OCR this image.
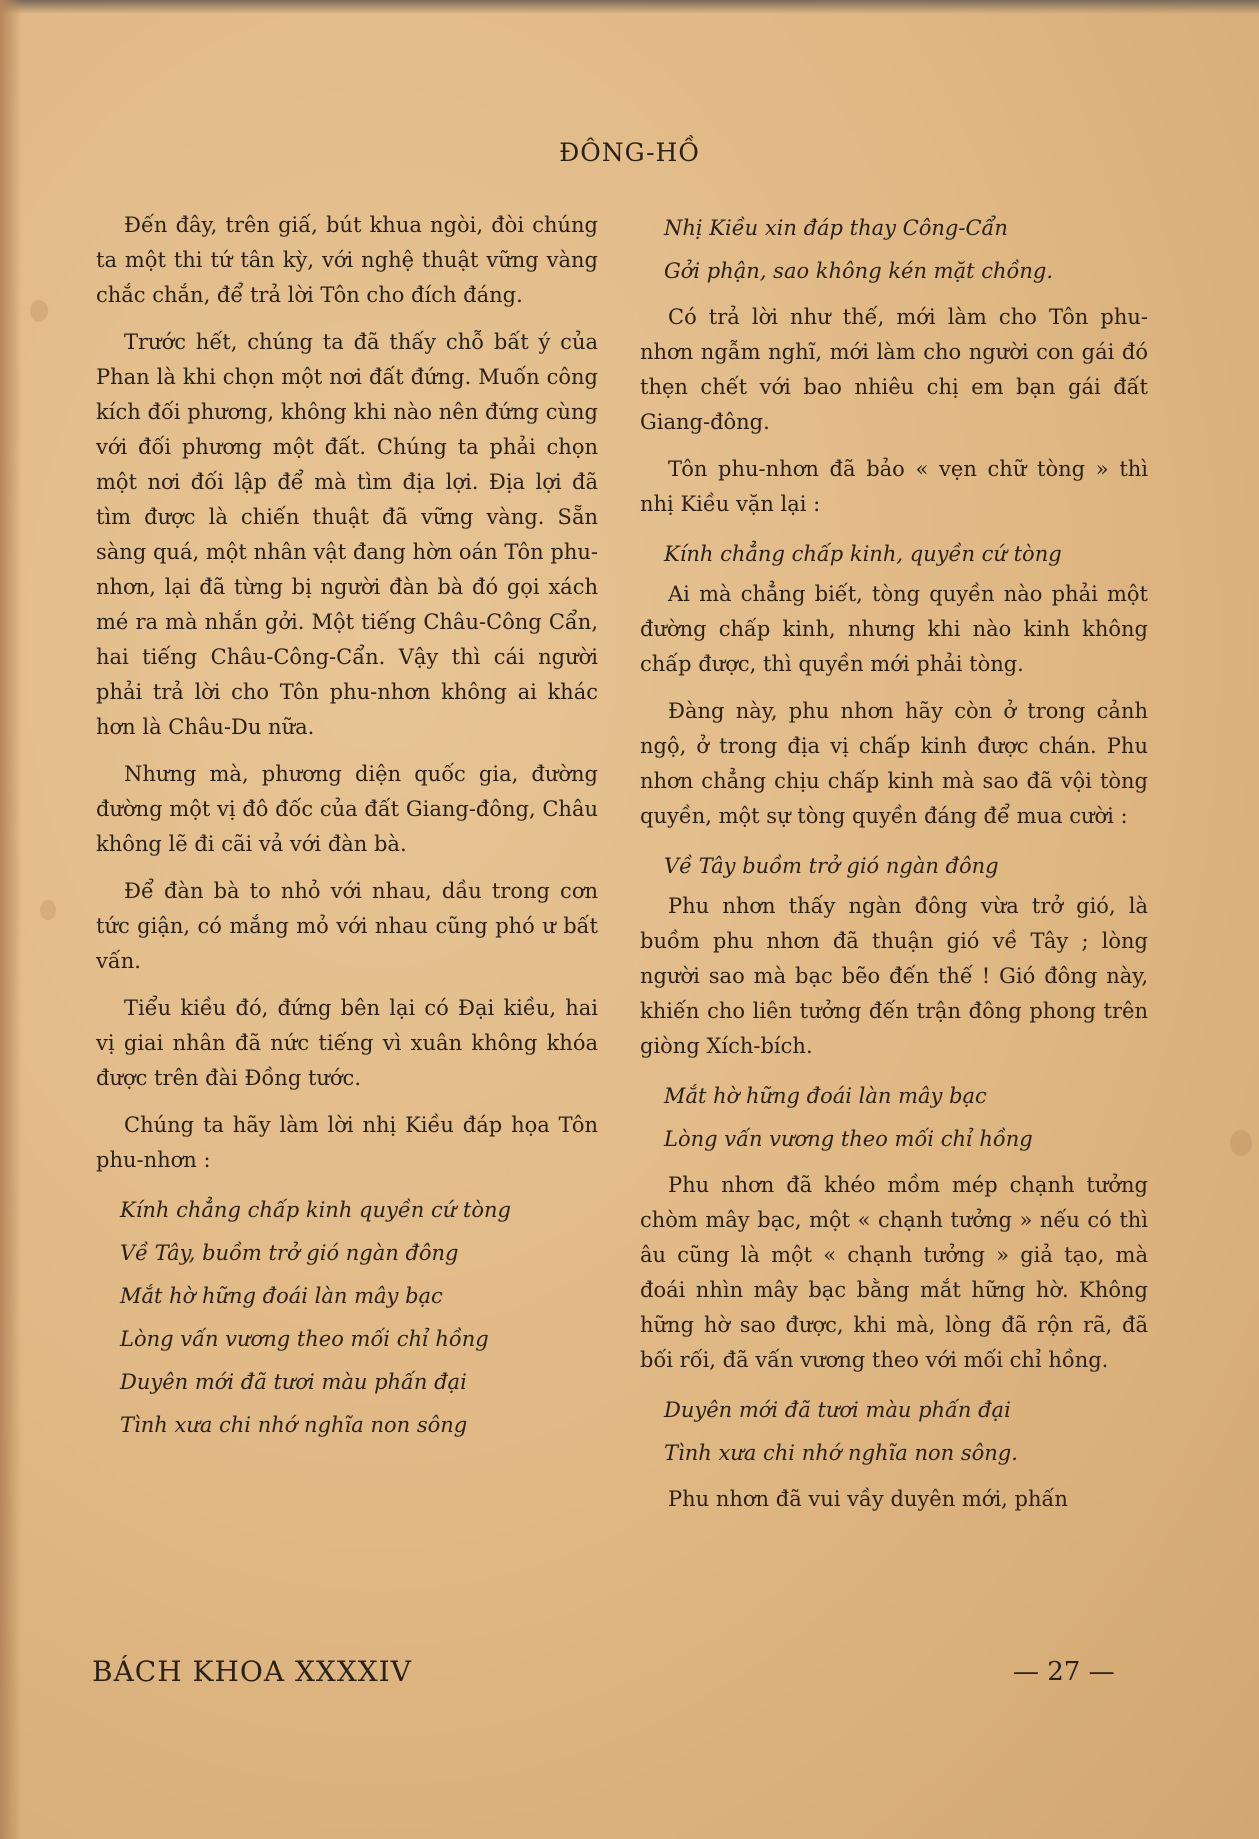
ĐÔNG-HỒ

Đến đây, trên giấ, bút khua ngòi, đòi chúng ta một thi tứ tân kỳ, với nghệ thuật vững vàng chắc chắn, để trả lời Tôn cho đích đáng.

Trước hết, chúng ta đã thấy chỗ bất ý của Phan là khi chọn một nơi đất đứng. Muốn công kích đối phương, không khi nào nên đứng cùng với đối phương một đất. Chúng ta phải chọn một nơi đối lập để mà tìm địa lợi. Địa lợi đã tìm được là chiến thuật đã vững vàng. Sẵn sàng quá, một nhân vật đang hờn oán Tôn phu-nhơn, lại đã từng bị người đàn bà đó gọi xách mé ra mà nhắn gởi. Một tiếng Châu-Công Cẩn, hai tiếng Châu-Công-Cẩn. Vậy thì cái người phải trả lời cho Tôn phu-nhơn không ai khác hơn là Châu-Du nữa.

Nhưng mà, phương diện quốc gia, đường đường một vị đô đốc của đất Giang-đông, Châu không lẽ đi cãi vả với đàn bà.

Để đàn bà to nhỏ với nhau, dầu trong cơn tức giận, có mắng mỏ với nhau cũng phó ư bất vấn.

Tiểu kiều đó, đứng bên lại có Đại kiều, hai vị giai nhân đã nức tiếng vì xuân không khóa được trên đài Đồng tước.

Chúng ta hãy làm lời nhị Kiều đáp họa Tôn phu-nhơn :

Kính chẳng chấp kinh quyền cứ tòng
Về Tây, buồm trở gió ngàn đông
Mắt hờ hững đoái làn mây bạc
Lòng vấn vương theo mối chỉ hồng
Duyên mới đã tươi màu phấn đại
Tình xưa chi nhớ nghĩa non sông
Nhị Kiều xin đáp thay Công-Cẩn
Gởi phận, sao không kén mặt chồng.

Có trả lời như thế, mới làm cho Tôn phu-nhơn ngẫm nghĩ, mới làm cho người con gái đó thẹn chết với bao nhiêu chị em bạn gái đất Giang-đông.

Tôn phu-nhơn đã bảo « vẹn chữ tòng » thì nhị Kiều vặn lại :

Kính chẳng chấp kinh, quyền cứ tòng

Ai mà chẳng biết, tòng quyền nào phải một đường chấp kinh, nhưng khi nào kinh không chấp được, thì quyền mới phải tòng.

Đàng này, phu nhơn hãy còn ở trong cảnh ngộ, ở trong địa vị chấp kinh được chán. Phu nhơn chẳng chịu chấp kinh mà sao đã vội tòng quyền, một sự tòng quyền đáng để mua cười :

Về Tây buồm trở gió ngàn đông

Phu nhơn thấy ngàn đông vừa trở gió, là buồm phu nhơn đã thuận gió về Tây ; lòng người sao mà bạc bẽo đến thế ! Gió đông này, khiến cho liên tưởng đến trận đông phong trên giòng Xích-bích.

Mắt hờ hững đoái làn mây bạc
Lòng vấn vương theo mối chỉ hồng

Phu nhơn đã khéo mồm mép chạnh tưởng chòm mây bạc, một « chạnh tưởng » nếu có thì âu cũng là một « chạnh tưởng » giả tạo, mà đoái nhìn mây bạc bằng mắt hững hờ. Không hững hờ sao được, khi mà, lòng đã rộn rã, đã bối rối, đã vấn vương theo với mối chỉ hồng.

Duyên mới đã tươi màu phấn đại
Tình xưa chi nhớ nghĩa non sông.

Phu nhơn đã vui vầy duyên mới, phấn

BÁCH KHOA XXXXIV	— 27 —
